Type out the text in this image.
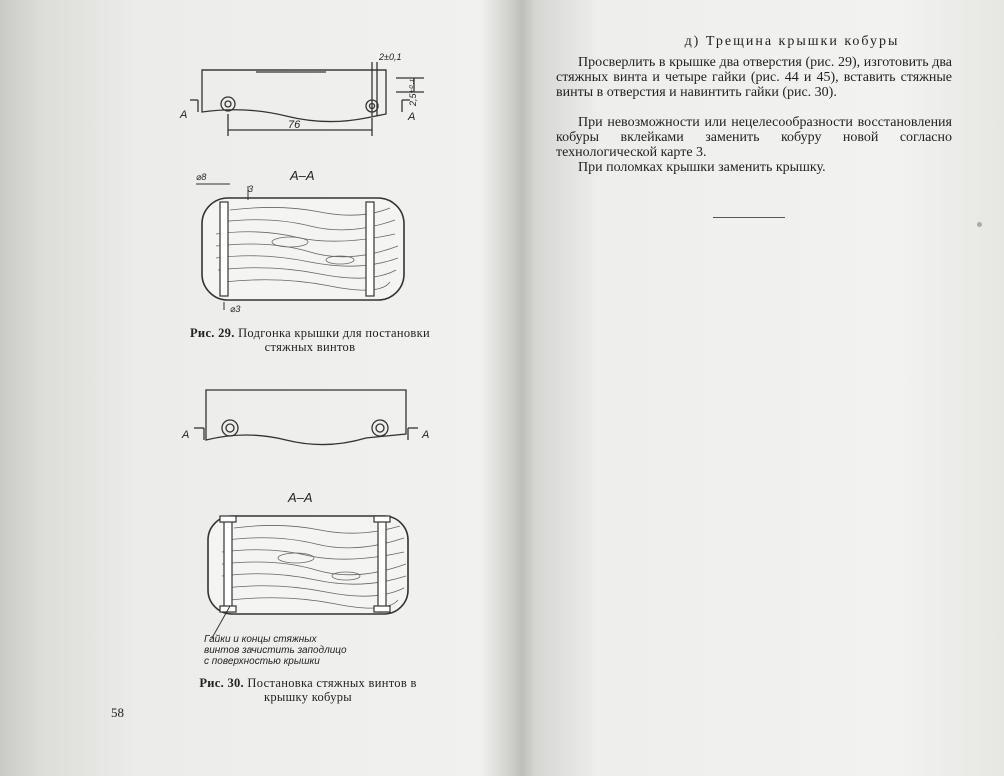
76
2±0,1
2,5⁺⁰·¹
A	A
А–А
⌀8
3
⌀3
Рис. 29. Подгонка крышки для постановки стяжных винтов
А	А
А–А
Гайки и концы стяжных
винтов зачистить заподлицо
с поверхностью крышки
Рис. 30. Постановка стяжных винтов в крышку кобуры
58
д) Трещина крышки кобуры

Просверлить в крышке два отверстия (рис. 29), изготовить два стяжных винта и четыре гайки (рис. 44 и 45), вставить стяжные винты в отверстия и навинтить гайки (рис. 30).

При невозможности или нецелесообразности восстановления кобуры вклейками заменить кобуру новой согласно технологической карте 3.

При поломках крышки заменить крышку.
